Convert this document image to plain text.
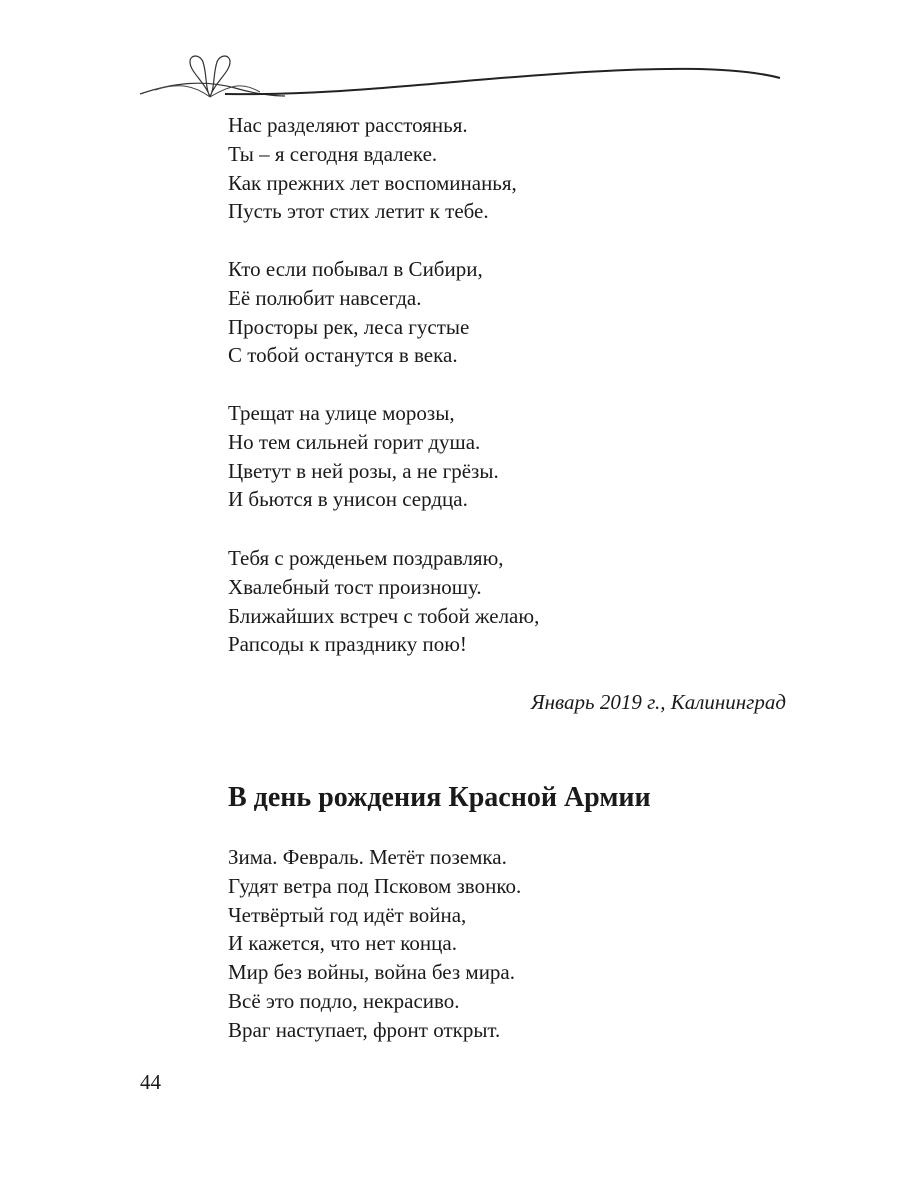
Нас разделяют расстоянья.
Ты – я сегодня вдалеке.
Как прежних лет воспоминанья,
Пусть этот стих летит к тебе.
Кто если побывал в Сибири,
Её полюбит навсегда.
Просторы рек, леса густые
С тобой останутся в века.
Трещат на улице морозы,
Но тем сильней горит душа.
Цветут в ней розы, а не грёзы.
И бьются в унисон сердца.
Тебя с рожденьем поздравляю,
Хвалебный тост произношу.
Ближайших встреч с тобой желаю,
Рапсоды к празднику пою!
Январь 2019 г., Калининград
В день рождения Красной Армии
Зима. Февраль. Метёт поземка.
Гудят ветра под Псковом звонко.
Четвёртый год идёт война,
И кажется, что нет конца.
Мир без войны, война без мира.
Всё это подло, некрасиво.
Враг наступает, фронт открыт.
44
